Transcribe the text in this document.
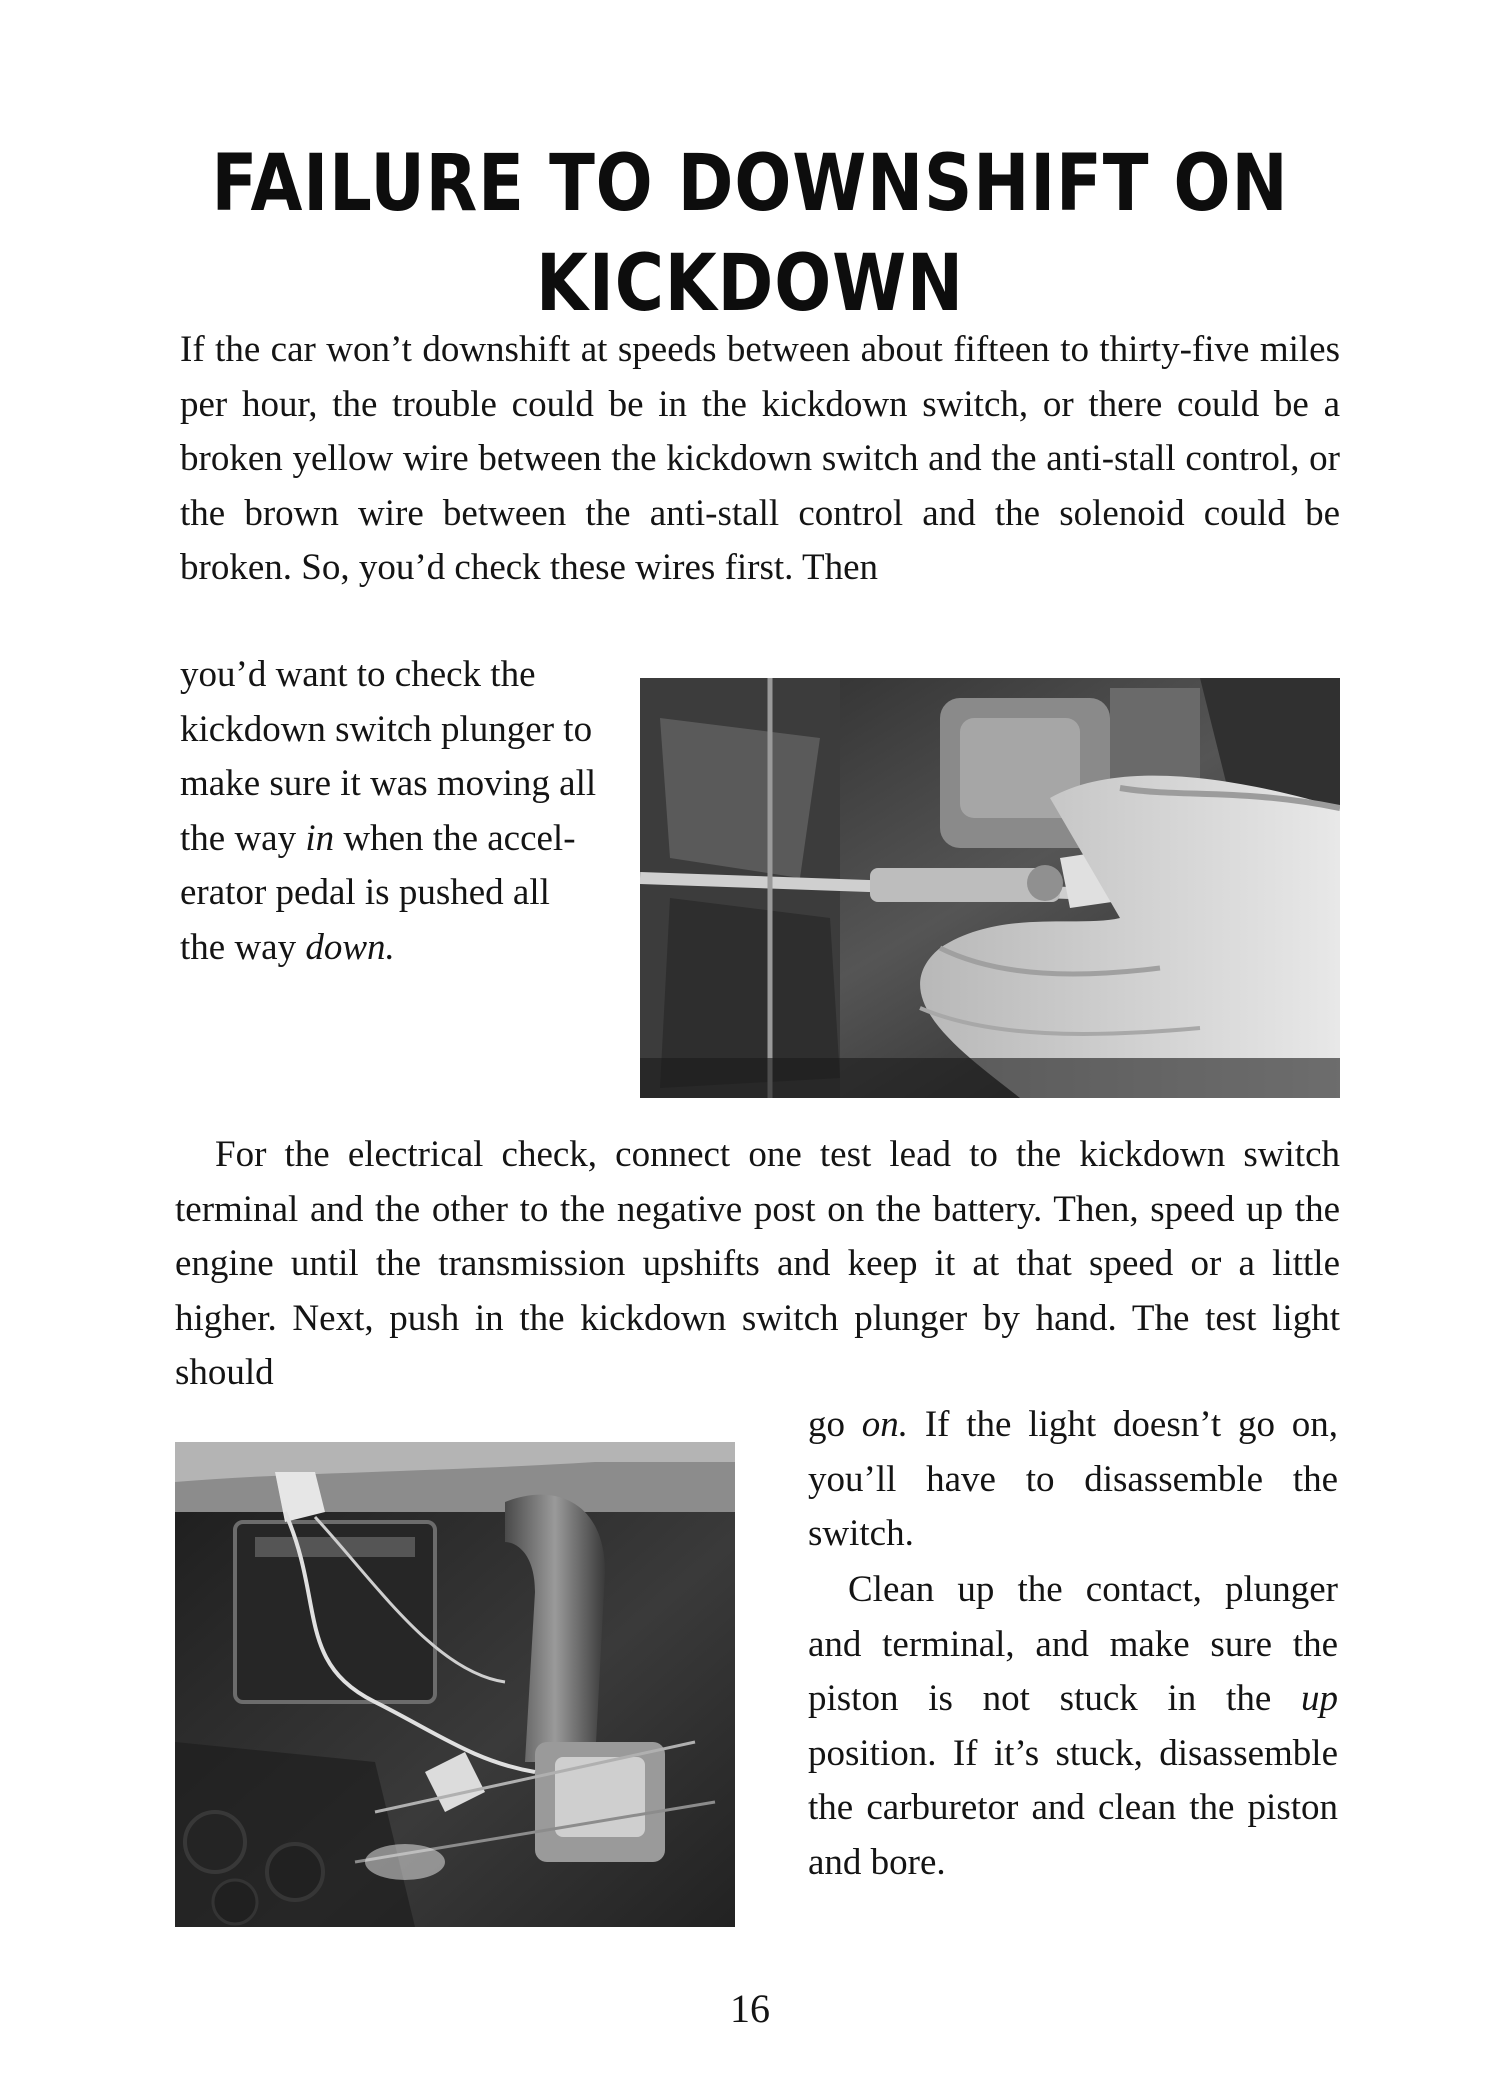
FAILURE TO DOWNSHIFT ON
KICKDOWN

If the car won’t downshift at speeds between about fifteen to thirty-five miles per hour, the trouble could be in the kickdown switch, or there could be a broken yellow wire between the kickdown switch and the anti-stall control, or the brown wire between the anti-stall control and the solenoid could be broken. So, you’d check these wires first. Then

you’d want to check the kickdown switch plunger to make sure it was moving all the way in when the accelerator pedal is pushed all the way down.

For the electrical check, connect one test lead to the kickdown switch terminal and the other to the negative post on the battery. Then, speed up the engine until the transmission upshifts and keep it at that speed or a little higher. Next, push in the kickdown switch plunger by hand. The test light should

go on. If the light doesn’t go on, you’ll have to disassemble the switch.

Clean up the contact, plunger and terminal, and make sure the piston is not stuck in the up position. If it’s stuck, disassemble the carburetor and clean the piston and bore.

16
